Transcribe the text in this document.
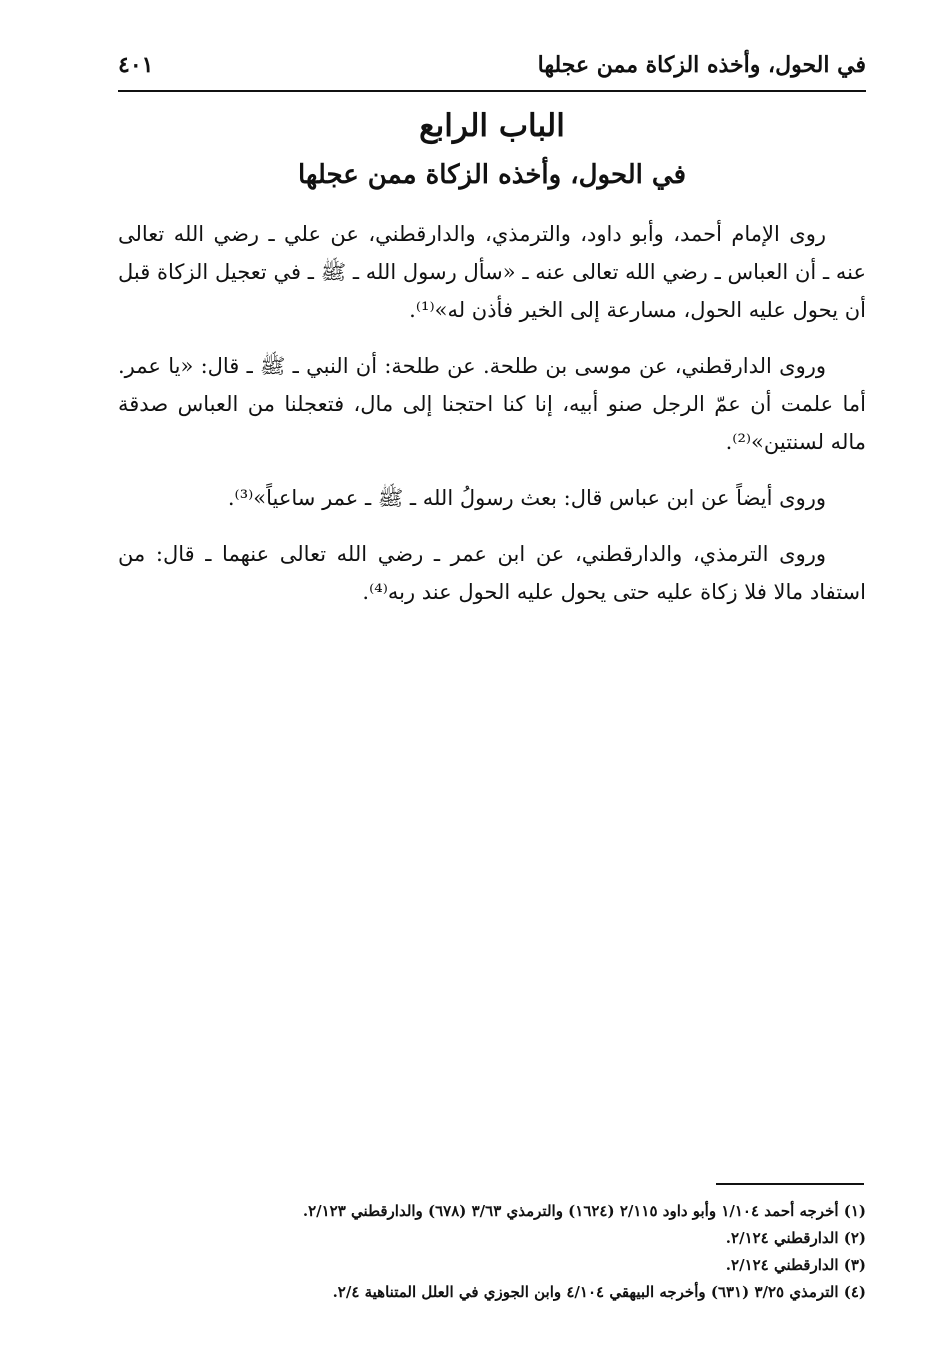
في الحول، وأخذه الزكاة ممن عجلها
٤٠١
الباب الرابع
في الحول، وأخذه الزكاة ممن عجلها

روى الإمام أحمد، وأبو داود، والترمذي، والدارقطني، عن علي ـ رضي الله تعالى عنه ـ أن العباس ـ رضي الله تعالى عنه ـ «سأل رسول الله ـ ﷺ ـ في تعجيل الزكاة قبل أن يحول عليه الحول، مسارعة إلى الخير فأذن له»⁽¹⁾.

وروى الدارقطني، عن موسى بن طلحة. عن طلحة: أن النبي ـ ﷺ ـ قال: «يا عمر. أما علمت أن عمّ الرجل صنو أبيه، إنا كنا احتجنا إلى مال، فتعجلنا من العباس صدقة ماله لسنتين»⁽²⁾.

وروى أيضاً عن ابن عباس قال: بعث رسولُ الله ـ ﷺ ـ عمر ساعياً»⁽³⁾.

وروى الترمذي، والدارقطني، عن ابن عمر ـ رضي الله تعالى عنهما ـ قال: من استفاد مالا فلا زكاة عليه حتى يحول عليه الحول عند ربه⁽⁴⁾.

(١) أخرجه أحمد ١/١٠٤ وأبو داود ٢/١١٥ (١٦٢٤) والترمذي ٣/٦٣ (٦٧٨) والدارقطني ٢/١٢٣.

(٢) الدارقطني ٢/١٢٤.

(٣) الدارقطني ٢/١٢٤.

(٤) الترمذي ٣/٢٥ (٦٣١) وأخرجه البيهقي ٤/١٠٤ وابن الجوزي في العلل المتناهية ٢/٤.
